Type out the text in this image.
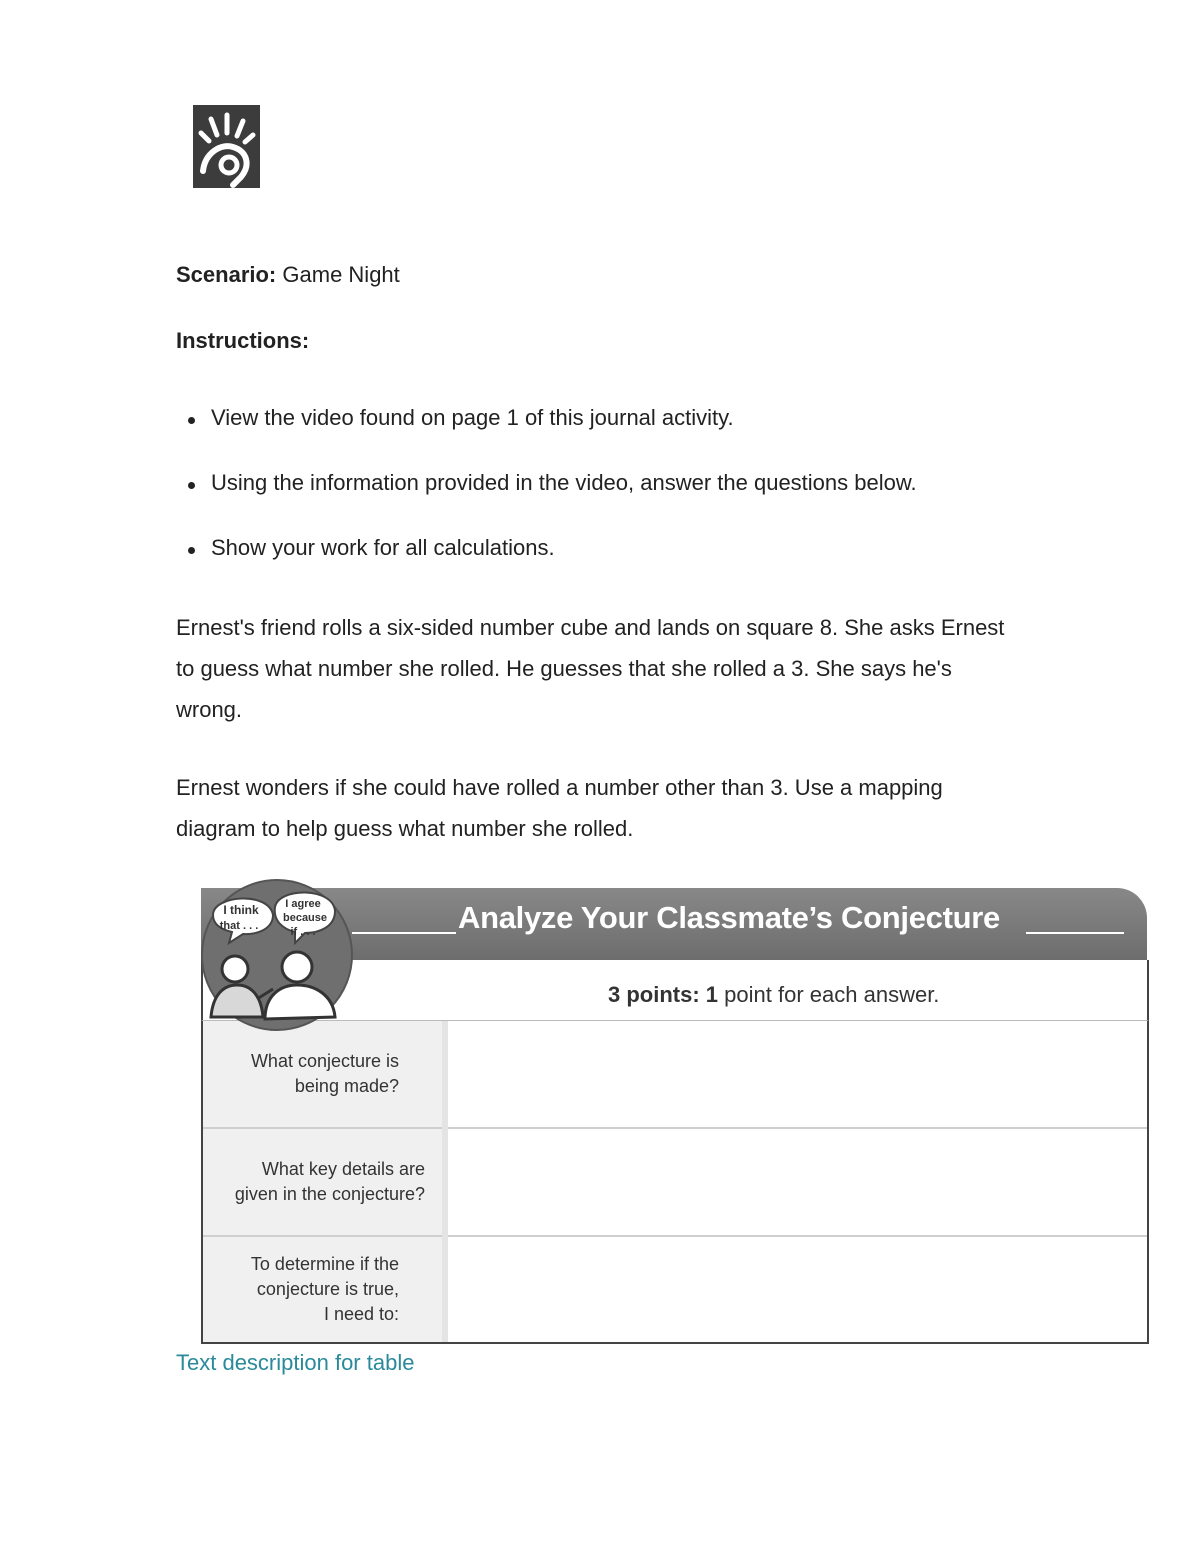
Scenario: Game Night
Instructions:
View the video found on page 1 of this journal activity.
Using the information provided in the video, answer the questions below.
Show your work for all calculations.

Ernest's friend rolls a six-sided number cube and lands on square 8. She asks Ernest

to guess what number she rolled. He guesses that she rolled a 3. She says he's

wrong.

Ernest wonders if she could have rolled a number other than 3. Use a mapping

diagram to help guess what number she rolled.

Analyze Your Classmate’s Conjecture
3 points: 1 point for each answer.
What conjecture is
being made?
What key details are
given in the conjecture?
To determine if the
conjecture is true,
I need to:
I think
that . . .
I agree
because
if . . .
Text description for table
